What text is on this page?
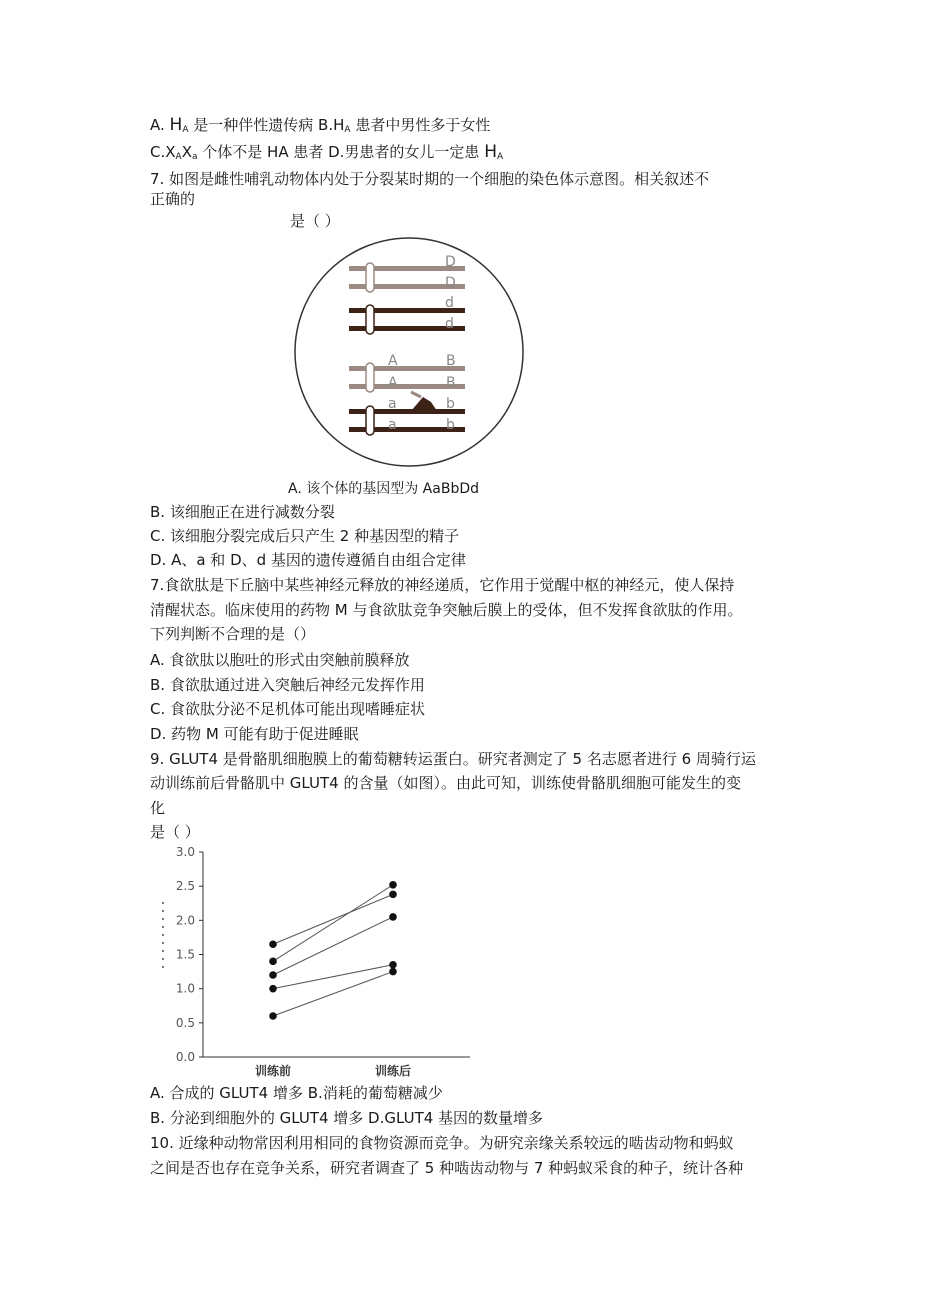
A. $H_A$ 是一种伴性遗传病 $B.H_A$ 患者中男性多于女性
$C.X_AX_a$ 个体不是 HA 患者 D.男患者的女儿一定患 $H_A$
7. 如图是雌性哺乳动物体内处于分裂某时期的一个细胞的染色体示意图。相关叙述不
正确的
是（ ）
D
D
d
d
A
A
a
a
B
B
b
b
A. 该个体的基因型为 AaBbDd
B. 该细胞正在进行减数分裂
C. 该细胞分裂完成后只产生 2 种基因型的精子
D. A、a 和 D、d 基因的遗传遵循自由组合定律
7.食欲肽是下丘脑中某些神经元释放的神经递质，它作用于觉醒中枢的神经元，使人保持
清醒状态。临床使用的药物 M 与食欲肽竞争突触后膜上的受体，但不发挥食欲肽的作用。
下列判断不合理的是（）
A. 食欲肽以胞吐的形式由突触前膜释放
B. 食欲肽通过进入突触后神经元发挥作用
C. 食欲肽分泌不足机体可能出现嗜睡症状
D. 药物 M 可能有助于促进睡眠
9. GLUT4 是骨骼肌细胞膜上的葡萄糖转运蛋白。研究者测定了 5 名志愿者进行 6 周骑行运
动训练前后骨骼肌中 GLUT4 的含量（如图）。由此可知，训练使骨骼肌细胞可能发生的变
化
是（ ）
0.0
0.5
1.0
1.5
2.0
2.5
3.0
训练前	训练后
A. 合成的 GLUT4 增多 B.消耗的葡萄糖减少
B. 分泌到细胞外的 GLUT4 增多 D.GLUT4 基因的数量增多
10. 近缘种动物常因利用相同的食物资源而竞争。为研究亲缘关系较远的啮齿动物和蚂蚁
之间是否也存在竞争关系，研究者调查了 5 种啮齿动物与 7 种蚂蚁采食的种子，统计各种
